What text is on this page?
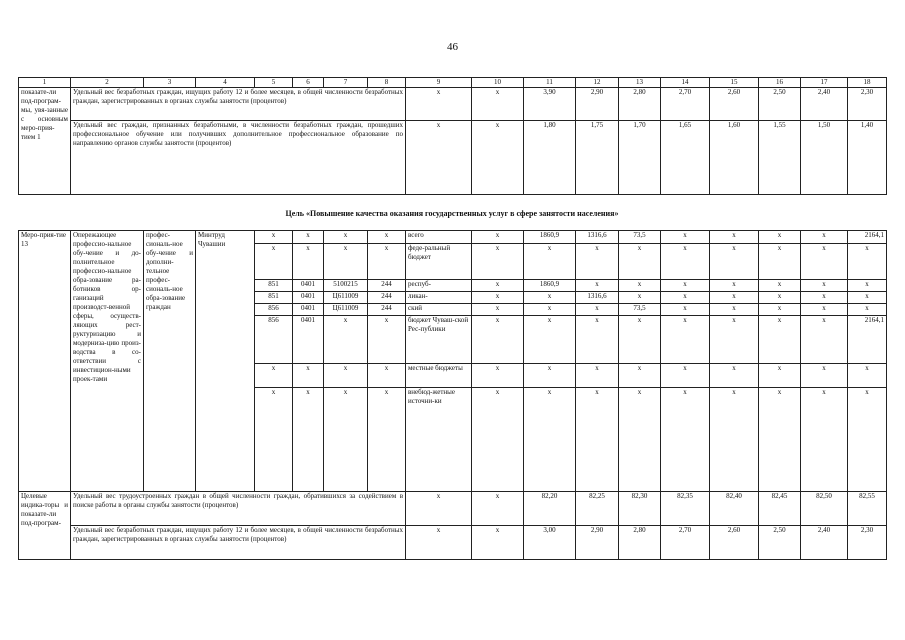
46
1	2	3	4	5	6	7	8	9	10	11	12	13	14	15	16	17	18
показате-ли под-програм-мы, увя-занные с основным меро-прия-тием 1	Удельный вес безработных граждан, ищущих работу 12 и более месяцев, в общей численности безработных граждан, зарегистрированных в органах службы занятости (процентов)							x	x	3,90	2,90	2,80	2,70	2,60	2,50	2,40	2,30
	Удельный вес граждан, признанных безработными, в численности безработных граждан, прошедших профессиональное обучение или получивших дополнительное профессиональное образование по направлению органов службы занятости (процентов)							x	x	1,80	1,75	1,70	1,65	1,60	1,55	1,50	1,40
Цель «Повышение качества оказания государственных услуг в сфере занятости населения»
Меро-прия-тие 13	Опережающее профессио-нальное обу-чение и до-полнительное профессио-нальное обра-зование ра-ботников ор-ганизаций производст-венной сферы, осуществ-ляющих рест-руктуризацию и модерниза-цию произ-водства в со-ответствии с инвестицион-ными проек-тами	профес-сиональ-ное обу-чение и дополни-тельное профес-сиональ-ное обра-зование граждан	Минтруд Чувашии	x	x	x	x	всего	x	1860,9	1316,6	73,5	x	x	x	x	2164,1
				x	x	x	x	феде-ральный бюджет	x	x	x	x	x	x	x	x	x
				851	0401	5100215	244	респуб-	x	1860,9	x	x	x	x	x	x	x
				851	0401	Ц611009	244	ликан-	x	x	1316,6	x	x	x	x	x	x
				856	0401	Ц611009	244	ский	x	x	x	73,5	x	x	x	x	x
				856	0401	x	x	бюджет Чуваш-ской Рес-публики	x	x	x	x	x	x	x	x	2164,1
				x	x	x	x	местные бюджеты	x	x	x	x	x	x	x	x	x
				x	x	x	x	внебюд-жетные источни-ки	x	x	x	x	x	x	x	x	x
Целевые индика-торы и показате-ли под-програм-	Удельный вес трудоустроенных граждан в общей численности граждан, обратившихся за содействием в поиске работы в органы службы занятости (процентов)							x	x	82,20	82,25	82,30	82,35	82,40	82,45	82,50	82,55
	Удельный вес безработных граждан, ищущих работу 12 и более месяцев, в общей численности безработных граждан, зарегистрированных в органах службы занятости (процентов)							x	x	3,00	2,90	2,80	2,70	2,60	2,50	2,40	2,30
